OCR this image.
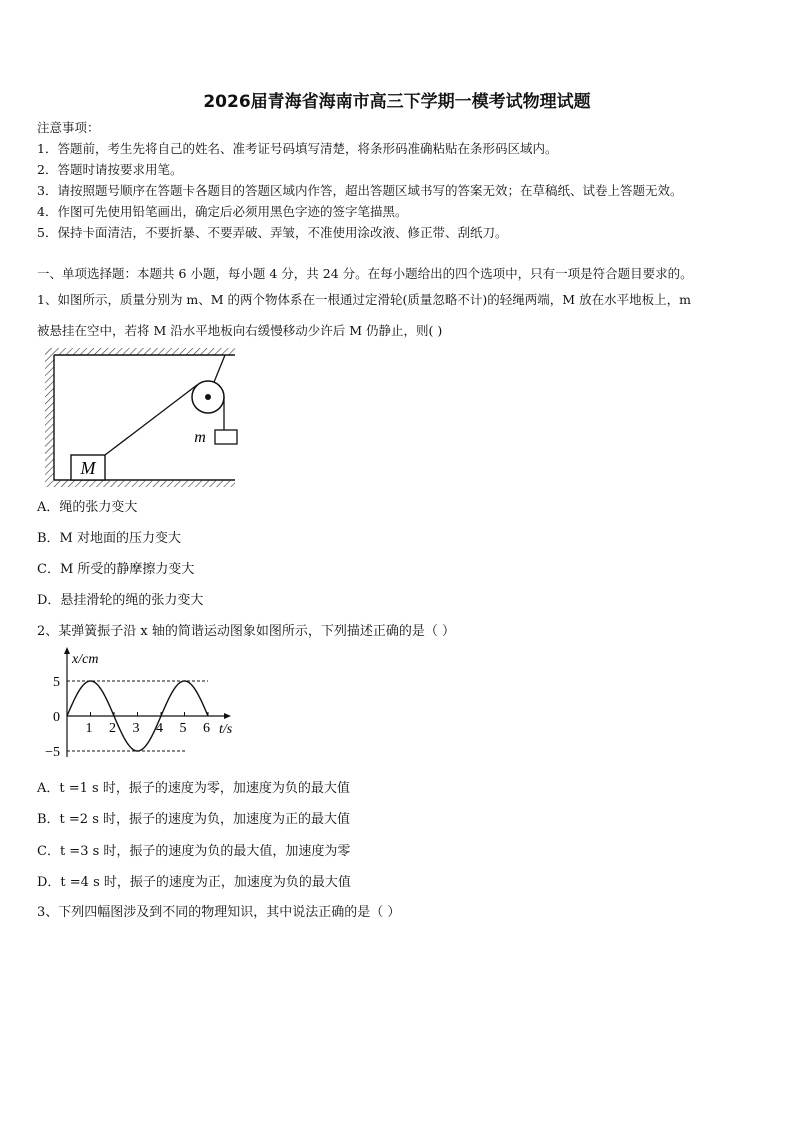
2026届青海省海南市高三下学期一模考试物理试题
注意事项：
1．答题前，考生先将自己的姓名、准考证号码填写清楚，将条形码准确粘贴在条形码区域内。
2．答题时请按要求用笔。
3．请按照题号顺序在答题卡各题目的答题区域内作答，超出答题区域书写的答案无效；在草稿纸、试卷上答题无效。
4．作图可先使用铅笔画出，确定后必须用黑色字迹的签字笔描黑。
5．保持卡面清洁，不要折暴、不要弄破、弄皱，不准使用涂改液、修正带、刮纸刀。
一、单项选择题：本题共 6 小题，每小题 4 分，共 24 分。在每小题给出的四个选项中，只有一项是符合题目要求的。
1、如图所示，质量分别为 m、M 的两个物体系在一根通过定滑轮(质量忽略不计)的轻绳两端，M 放在水平地板上，m
被悬挂在空中，若将 M 沿水平地板向右缓慢移动少许后 M 仍静止，则( )
M
m
A．绳的张力变大
B．M 对地面的压力变大
C．M 所受的静摩擦力变大
D．悬挂滑轮的绳的张力变大
2、某弹簧振子沿 x 轴的简谐运动图象如图所示，下列描述正确的是（ ）
x/cm
t/s
5
0
−5
1 2 3 4 5 6
A．t =1 s 时，振子的速度为零，加速度为负的最大值
B．t =2 s 时，振子的速度为负，加速度为正的最大值
C．t =3 s 时，振子的速度为负的最大值，加速度为零
D．t =4 s 时，振子的速度为正，加速度为负的最大值
3、下列四幅图涉及到不同的物理知识，其中说法正确的是（ ）
